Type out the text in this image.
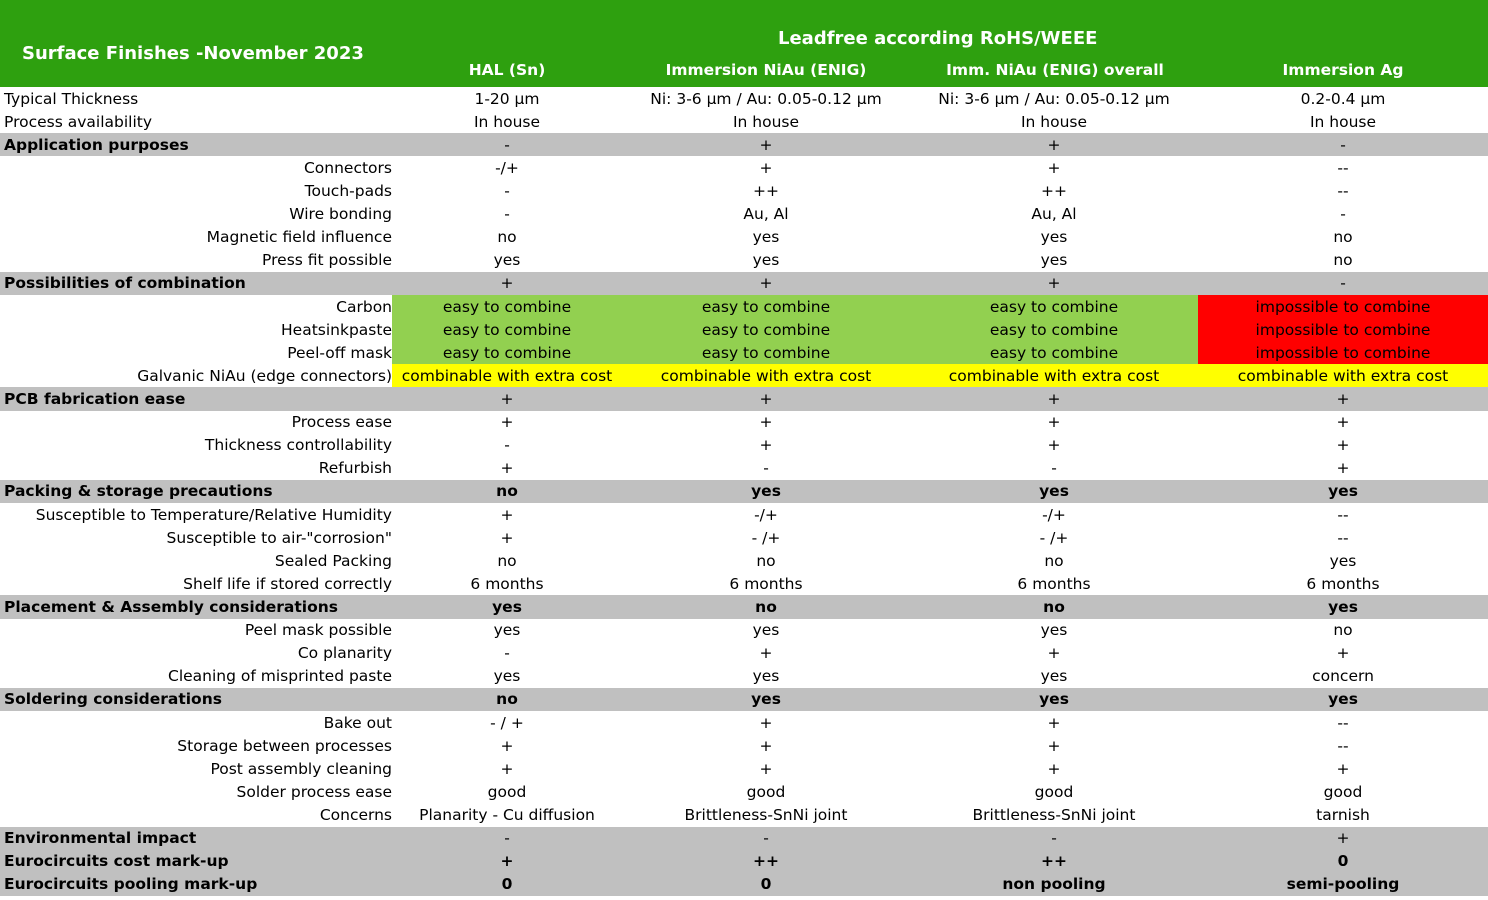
Surface Finishes -November 2023
Leadfree according RoHS/WEEE
HAL (Sn)	Immersion NiAu (ENIG)	Imm. NiAu (ENIG) overall	Immersion Ag
Typical Thickness	1-20 µm	Ni: 3-6 µm / Au: 0.05-0.12 µm	Ni: 3-6 µm / Au: 0.05-0.12 µm	0.2-0.4 µm
Process availability	In house	In house	In house	In house
Application purposes	-	+	+	-
Connectors	-/+	+	+	--
Touch-pads	-	++	++	--
Wire bonding	-	Au, Al	Au, Al	-
Magnetic field influence	no	yes	yes	no
Press fit possible	yes	yes	yes	no
Possibilities of combination	+	+	+	-
Carbon	easy to combine	easy to combine	easy to combine	impossible to combine
Heatsinkpaste	easy to combine	easy to combine	easy to combine	impossible to combine
Peel-off mask	easy to combine	easy to combine	easy to combine	impossible to combine
Galvanic NiAu (edge connectors)	combinable with extra cost	combinable with extra cost	combinable with extra cost	combinable with extra cost
PCB fabrication ease	+	+	+	+
Process ease	+	+	+	+
Thickness controllability	-	+	+	+
Refurbish	+	-	-	+
Packing & storage precautions	no	yes	yes	yes
Susceptible to Temperature/Relative Humidity	+	-/+	-/+	--
Susceptible to air-"corrosion"	+	- /+	- /+	--
Sealed Packing	no	no	no	yes
Shelf life if stored correctly	6 months	6 months	6 months	6 months
Placement & Assembly considerations	yes	no	no	yes
Peel mask possible	yes	yes	yes	no
Co planarity	-	+	+	+
Cleaning of misprinted paste	yes	yes	yes	concern
Soldering considerations	no	yes	yes	yes
Bake out	- / +	+	+	--
Storage between processes	+	+	+	--
Post assembly cleaning	+	+	+	+
Solder process ease	good	good	good	good
Concerns	Planarity - Cu diffusion	Brittleness-SnNi joint	Brittleness-SnNi joint	tarnish
Environmental impact	-	-	-	+
Eurocircuits cost mark-up	+	++	++	0
Eurocircuits pooling mark-up	0	0	non pooling	semi-pooling
